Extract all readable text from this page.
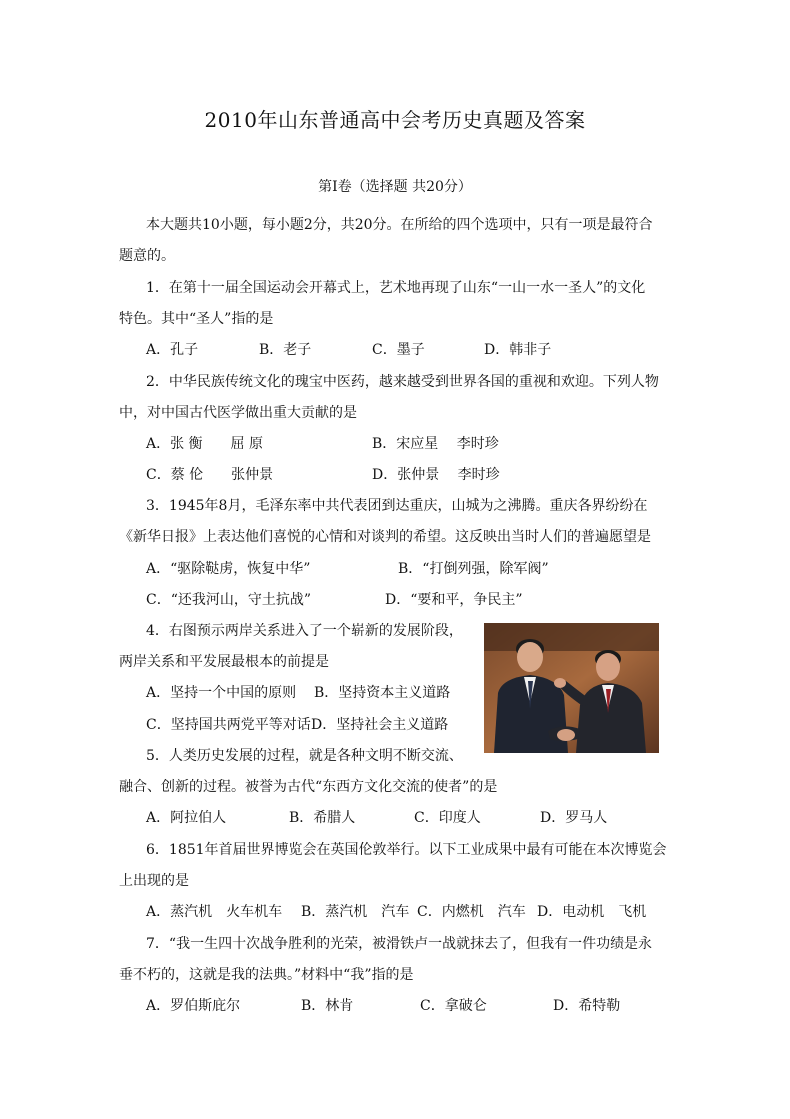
2010年山东普通高中会考历史真题及答案
第Ⅰ卷（选择题 共20分）
本大题共10小题，每小题2分，共20分。在所给的四个选项中，只有一项是最符合
题意的。
1．在第十一届全国运动会开幕式上，艺术地再现了山东“一山一水一圣人”的文化
特色。其中“圣人”指的是
A．孔子	B．老子	C．墨子	D．韩非子
2．中华民族传统文化的瑰宝中医药，越来越受到世界各国的重视和欢迎。下列人物
中，对中国古代医学做出重大贡献的是
A．张 衡　　屈 原	B．宋应星　 李时珍
C．蔡 伦　　张仲景	D．张仲景　 李时珍
3．1945年8月，毛泽东率中共代表团到达重庆，山城为之沸腾。重庆各界纷纷在
《新华日报》上表达他们喜悦的心情和对谈判的希望。这反映出当时人们的普遍愿望是
A．“驱除鞑虏，恢复中华”	B．“打倒列强，除军阀”
C．“还我河山，守土抗战”	D．“要和平，争民主”
4．右图预示两岸关系进入了一个崭新的发展阶段，
两岸关系和平发展最根本的前提是
A．坚持一个中国的原则 B．坚持资本主义道路
C．坚持国共两党平等对话 D．坚持社会主义道路
5．人类历史发展的过程，就是各种文明不断交流、
融合、创新的过程。被誉为古代“东西方文化交流的使者”的是
A．阿拉伯人	B．希腊人	C．印度人	D．罗马人
6．1851年首届世界博览会在英国伦敦举行。以下工业成果中最有可能在本次博览会
上出现的是
A．蒸汽机　火车机车 B．蒸汽机　汽车 C．内燃机　汽车 D．电动机　飞机
7．“我一生四十次战争胜利的光荣，被滑铁卢一战就抹去了，但我有一件功绩是永
垂不朽的，这就是我的法典。”材料中“我”指的是
A．罗伯斯庇尔	B．林肯	C．拿破仑	D．希特勒
